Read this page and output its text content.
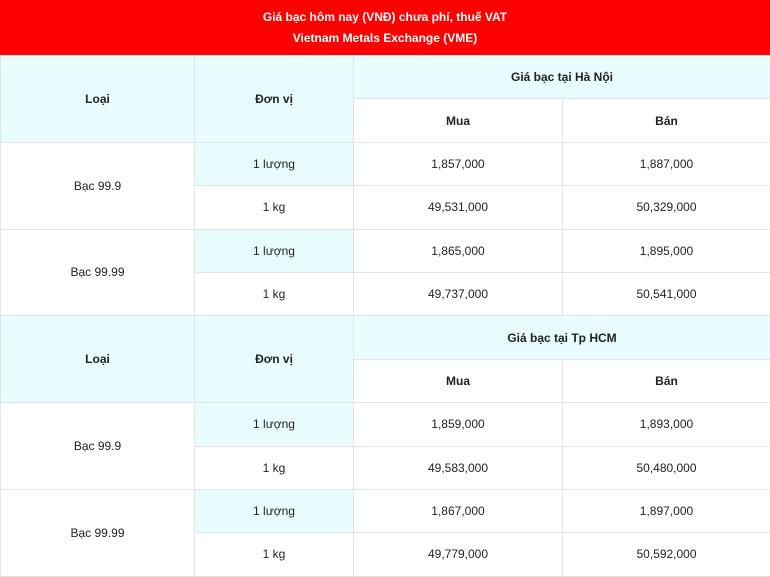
Giá bạc hôm nay (VNĐ) chưa phí, thuế VAT
Vietnam Metals Exchange (VME)
Loại	Đơn vị	Giá bạc tại Hà Nội	
		Mua	Bán
Bạc 99.9	1 lượng	1,857,000	1,887,000
	1 kg	49,531,000	50,329,000
Bạc 99.99	1 lượng	1,865,000	1,895,000
	1 kg	49,737,000	50,541,000
Loại	Đơn vị	Giá bạc tại Tp HCM	
		Mua	Bán
Bạc 99.9	1 lượng	1,859,000	1,893,000
	1 kg	49,583,000	50,480,000
Bạc 99.99	1 lượng	1,867,000	1,897,000
	1 kg	49,779,000	50,592,000
